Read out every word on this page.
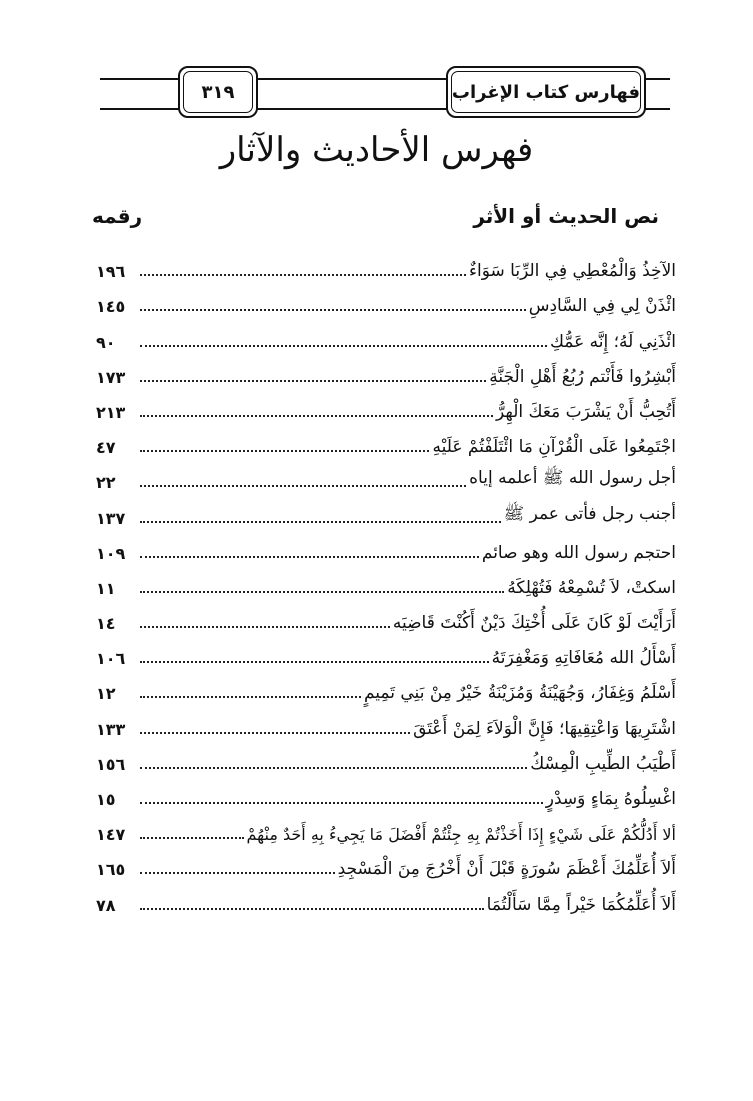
فهارس كتاب الإغراب
٣١٩
فهرس الأحاديث والآثار
نص الحديث أو الأثر
رقمه
الآخِذُ وَالْمُعْطِي فِي الرِّبَا سَوَاءٌ
١٩٦
ائْذَنْ لِي فِي السَّادِسِ
١٤٥
ائْذَنِي لَهُ؛ إِنَّه عَمُّكِ
٩٠
أَبْشِرُوا فَأَنْتم رُبُعُ أَهْلِ الْجَنَّةِ
١٧٣
أَتُحِبُّ أَنْ يَشْرَبَ مَعَكَ الْهِرُّ
٢١٣
اجْتَمِعُوا عَلَى الْقُرْآنِ مَا ائْتَلَفْتُمْ عَلَيْهِ
٤٧
أجل رسول الله ﷺ أعلمه إياه
٢٢
أجنب رجل فأتى عمر ﷺ
١٣٧
احتجم رسول الله وهو صائم
١٠٩
اسكتْ، لاَ تُسْمِعْهُ فَتُهْلِكَهُ
١١
أَرَأَيْتَ لَوْ كَانَ عَلَى أُخْتِكَ دَيْنٌ أَكُنْتَ قَاضِيَه
١٤
أَسْأَلُ الله مُعَافَاتِهِ وَمَغْفِرَتَهُ
١٠٦
أَسْلَمُ وَغِفَارُ، وَجُهَيْنَةُ وَمُزَيْنَةُ خَيْرٌ مِنْ بَنِي تَمِيمٍ
١٢
اشْتَرِيهَا وَاعْتِقِيهَا؛ فَإِنَّ الْوَلاَءَ لِمَنْ أَعْتَقَ
١٣٣
أَطْيَبُ الطِّيبِ الْمِسْكُ
١٥٦
اغْسِلُوهُ بِمَاءٍ وَسِدْرٍ
١٥
ألا أَدُلُّكُمْ عَلَى شَيْءٍ إِذَا أَخَذْتُمْ بِهِ جِئْتُمْ أَفْضَلَ مَا يَجِيءُ بِهِ أَحَدٌ مِنْهُمْ
١٤٧
أَلاَ أُعَلِّمُكَ أَعْظَمَ سُورَةٍ قَبْلَ أَنْ أَخْرُجَ مِنَ الْمَسْجِدِ
١٦٥
أَلاَ أُعَلِّمُكُمَا خَيْراً مِمَّا سَأَلْتُمَا
٧٨
